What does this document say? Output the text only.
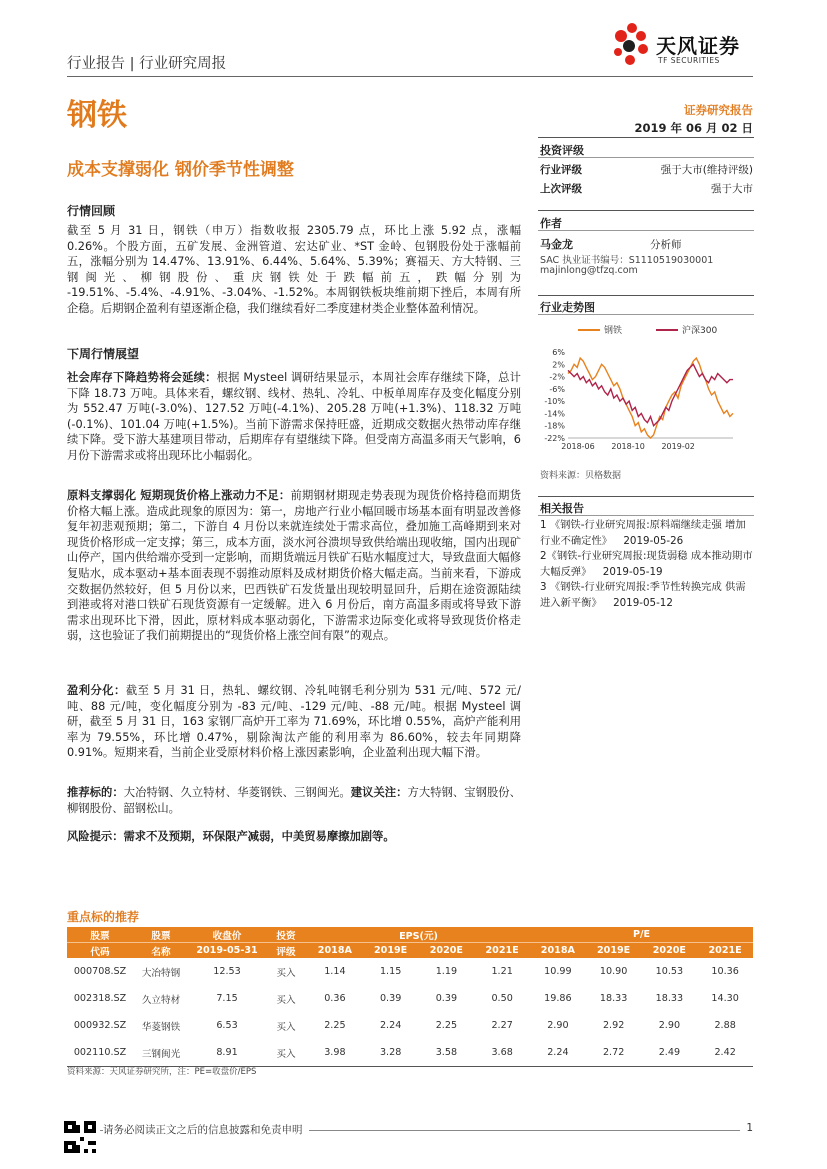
行业报告 | 行业研究周报
天风证券
TF SECURITIES
钢铁	证券研究报告
2019 年 06 月 02 日
成本支撑弱化 钢价季节性调整
行情回顾
截至 5 月 31 日，钢铁（申万）指数收报 2305.79 点，环比上涨 5.92 点，涨幅 0.26%。个股方面，五矿发展、金洲管道、宏达矿业、*ST 金岭、包钢股份处于涨幅前五，涨幅分别为 14.47%、13.91%、6.44%、5.64%、5.39%；赛福天、方大特钢、三钢闽光、柳钢股份、重庆钢铁处于跌幅前五，跌幅分别为 -19.51%、-5.4%、-4.91%、-3.04%、-1.52%。本周钢铁板块维前期下挫后，本周有所企稳。后期钢企盈利有望逐渐企稳，我们继续看好二季度建材类企业整体盈利情况。
下周行情展望
社会库存下降趋势将会延续：根据 Mysteel 调研结果显示，本周社会库存继续下降，总计下降 18.73 万吨。具体来看，螺纹钢、线材、热轧、冷轧、中板单周库存及变化幅度分别为 552.47 万吨(-3.0%)、127.52 万吨(-4.1%)、205.28 万吨(+1.3%)、118.32 万吨(-0.1%)、101.04 万吨(+1.5%)。当前下游需求保持旺盛，近期成交数据火热带动库存继续下降。受下游大基建项目带动，后期库存有望继续下降。但受南方高温多雨天气影响，6 月份下游需求或将出现环比小幅弱化。
原料支撑弱化 短期现货价格上涨动力不足：前期钢材期现走势表现为现货价格持稳而期货价格大幅上涨。造成此现象的原因为：第一，房地产行业小幅回暖市场基本面有明显改善修复年初悲观预期；第二，下游自 4 月份以来就连续处于需求高位，叠加施工高峰期到来对现货价格形成一定支撑；第三，成本方面，淡水河谷溃坝导致供给端出现收缩，国内出现矿山停产，国内供给端亦受到一定影响，而期货端远月铁矿石贴水幅度过大，导致盘面大幅修复贴水，成本驱动+基本面表现不弱推动原料及成材期货价格大幅走高。当前来看，下游成交数据仍然较好，但 5 月份以来，巴西铁矿石发货量出现较明显回升，后期在途资源陆续到港或将对港口铁矿石现货资源有一定缓解。进入 6 月份后，南方高温多雨或将导致下游需求出现环比下滑，因此，原材料成本驱动弱化，下游需求边际变化或将导致现货价格走弱，这也验证了我们前期提出的“现货价格上涨空间有限”的观点。
盈利分化：截至 5 月 31 日，热轧、螺纹钢、冷轧吨钢毛利分别为 531 元/吨、572 元/吨、88 元/吨，变化幅度分别为 -83 元/吨、-129 元/吨、-88 元/吨。根据 Mysteel 调研，截至 5 月 31 日，163 家钢厂高炉开工率为 71.69%，环比增 0.55%，高炉产能利用率为 79.55%，环比增 0.47%，剔除淘汰产能的利用率为 86.60%，较去年同期降 0.91%。短期来看，当前企业受原材料价格上涨因素影响，企业盈利出现大幅下滑。
推荐标的：大冶特钢、久立特材、华菱钢铁、三钢闽光。建议关注：方大特钢、宝钢股份、柳钢股份、韶钢松山。
风险提示：需求不及预期，环保限产减弱，中美贸易摩擦加剧等。
投资评级
行业评级	强于大市(维持评级)
上次评级	强于大市
作者
马金龙	分析师
SAC 执业证书编号：S1110519030001
majinlong@tfzq.com
行业走势图
钢铁	沪深300
6%
2%
-2%
-6%
-10%
-14%
-18%
-22%
2018-06 2018-10 2019-02
资料来源：贝格数据
相关报告
1 《钢铁-行业研究周报:原料端继续走强 增加行业不确定性》 2019-05-26
2《钢铁-行业研究周报:现货弱稳 成本推动期市大幅反弹》 2019-05-19
3 《钢铁-行业研究周报:季节性转换完成 供需进入新平衡》 2019-05-12
重点标的推荐
股票	股票	收盘价	投资	EPS(元)				P/E			
代码	名称	2019-05-31	评级	2018A	2019E	2020E	2021E	2018A	2019E	2020E	2021E
000708.SZ	大冶特钢	12.53	买入	1.14	1.15	1.19	1.21	10.99	10.90	10.53	10.36
002318.SZ	久立特材	7.15	买入	0.36	0.39	0.39	0.50	19.86	18.33	18.33	14.30
000932.SZ	华菱钢铁	6.53	买入	2.25	2.24	2.25	2.27	2.90	2.92	2.90	2.88
002110.SZ	三钢闽光	8.91	买入	3.98	3.28	3.58	3.68	2.24	2.72	2.49	2.42
资料来源：天风证券研究所，注：PE=收盘价/EPS
请务必阅读正文之后的信息披露和免责申明	1
